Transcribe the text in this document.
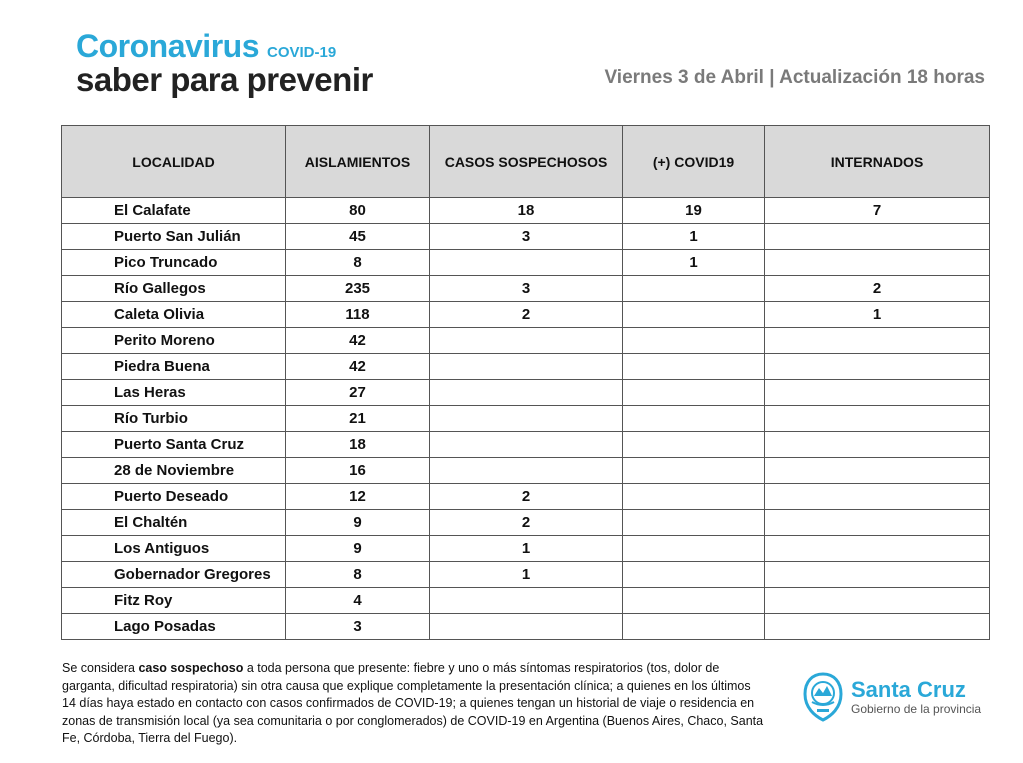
Coronavirus COVID-19
saber para prevenir	Viernes 3 de Abril | Actualización 18 horas
LOCALIDAD	AISLAMIENTOS	CASOS SOSPECHOSOS	(+) COVID19	INTERNADOS
El Calafate	80	18	19	7
Puerto San Julián	45	3	1	
Pico Truncado	8		1	
Río Gallegos	235	3		2
Caleta Olivia	118	2		1
Perito Moreno	42			
Piedra Buena	42			
Las Heras	27			
Río Turbio	21			
Puerto Santa Cruz	18			
28 de Noviembre	16			
Puerto Deseado	12	2		
El Chaltén	9	2		
Los Antiguos	9	1		
Gobernador Gregores	8	1		
Fitz Roy	4			
Lago Posadas	3			
Se considera caso sospechoso a toda persona que presente: fiebre y uno o más síntomas respiratorios (tos, dolor de garganta, dificultad respiratoria) sin otra causa que explique completamente la presentación clínica; a quienes en los últimos 14 días haya estado en contacto con casos confirmados de COVID-19; a quienes tengan un historial de viaje o residencia en zonas de transmisión local (ya sea comunitaria o por conglomerados) de COVID-19 en Argentina (Buenos Aires, Chaco, Santa Fe, Córdoba, Tierra del Fuego).
Santa Cruz
Gobierno de la provincia
